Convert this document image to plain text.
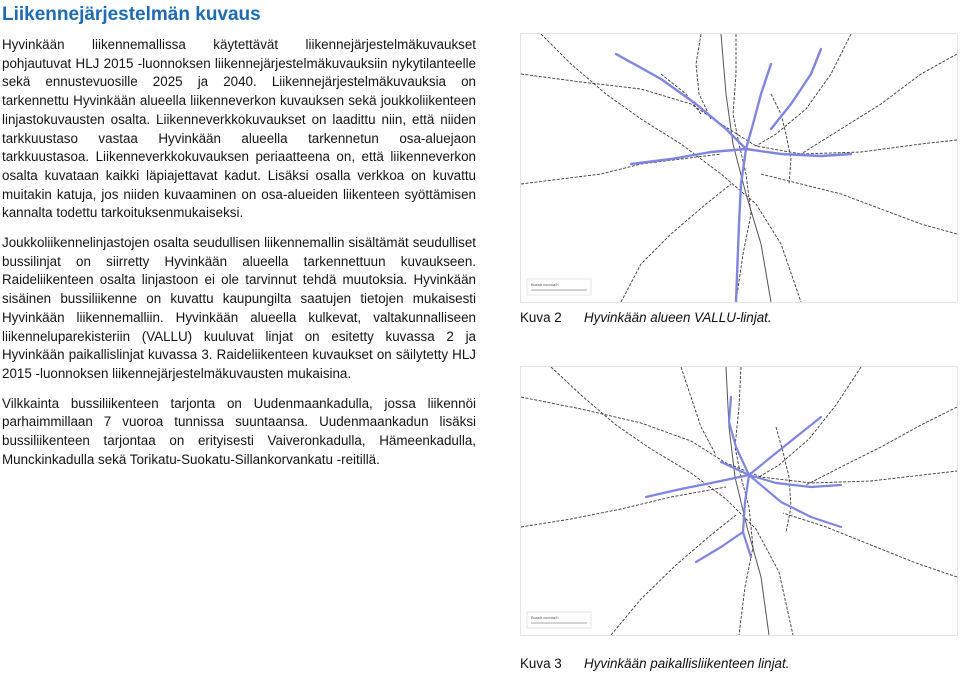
Liikennejärjestelmän kuvaus

Hyvinkään liikennemallissa käytettävät liikennejärjestelmäkuvaukset pohjautuvat HLJ 2015 -luonnoksen liikennejärjestelmäkuvauksiin nykytilanteelle sekä ennustevuosille 2025 ja 2040. Liikennejärjestelmäkuvauksia on tarkennettu Hyvinkään alueella liikenneverkon kuvauksen sekä joukkoliikenteen linjastokuvausten osalta. Liikenneverkkokuvaukset on laadittu niin, että niiden tarkkuustaso vastaa Hyvinkään alueella tarkennetun osa-aluejaon tarkkuustasoa. Liikenneverkkokuvauksen periaatteena on, että liikenneverkon osalta kuvataan kaikki läpiajettavat kadut. Lisäksi osalla verkkoa on kuvattu muitakin katuja, jos niiden kuvaaminen on osa-alueiden liikenteen syöttämisen kannalta todettu tarkoituksenmukaiseksi.

Joukkoliikennelinjastojen osalta seudullisen liikennemallin sisältämät seudulliset bussilinjat on siirretty Hyvinkään alueella tarkennettuun kuvaukseen. Raideliikenteen osalta linjastoon ei ole tarvinnut tehdä muutoksia. Hyvinkään sisäinen bussiliikenne on kuvattu kaupungilta saatujen tietojen mukaisesti Hyvinkään liikennemalliin. Hyvinkään alueella kulkevat, valtakunnalliseen liikenneluparekisteriin (VALLU) kuuluvat linjat on esitetty kuvassa 2 ja Hyvinkään paikallislinjat kuvassa 3. Raideliikenteen kuvaukset on säilytetty HLJ 2015 -luonnoksen liikennejärjestelmäkuvausten mukaisina.

Vilkkainta bussiliikenteen tarjonta on Uudenmaankadulla, jossa liikennöi parhaimmillaan 7 vuoroa tunnissa suuntaansa. Uudenmaankadun lisäksi bussiliikenteen tarjontaa on erityisesti Vaiveronkadulla, Hämeenkadulla, Munckinkadulla sekä Torikatu-Suokatu-Sillankorvankatu -reitillä.

Bussit vuoroa/h
Kuva 2 Hyvinkään alueen VALLU-linjat.
Bussit vuoroa/h
Kuva 3 Hyvinkään paikallisliikenteen linjat.
